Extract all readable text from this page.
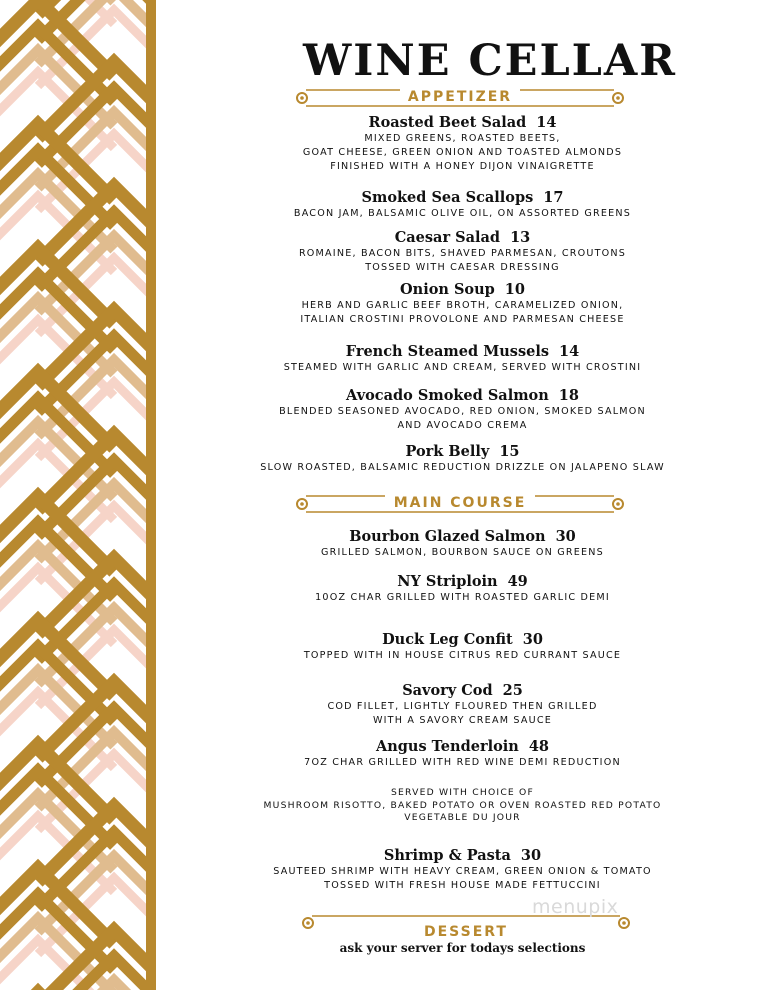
WINE CELLAR
APPETIZER
MAIN COURSE
DESSERT
Roasted Beet Salad 14
MIXED GREENS, ROASTED BEETS,
GOAT CHEESE, GREEN ONION AND TOASTED ALMONDS
FINISHED WITH A HONEY DIJON VINAIGRETTE
Smoked Sea Scallops 17
BACON JAM, BALSAMIC OLIVE OIL, ON ASSORTED GREENS
Caesar Salad 13
ROMAINE, BACON BITS, SHAVED PARMESAN, CROUTONS
TOSSED WITH CAESAR DRESSING
Onion Soup 10
HERB AND GARLIC BEEF BROTH, CARAMELIZED ONION,
ITALIAN CROSTINI PROVOLONE AND PARMESAN CHEESE
French Steamed Mussels 14
STEAMED WITH GARLIC AND CREAM, SERVED WITH CROSTINI
Avocado Smoked Salmon 18
BLENDED SEASONED AVOCADO, RED ONION, SMOKED SALMON
AND AVOCADO CREMA
Pork Belly 15
SLOW ROASTED, BALSAMIC REDUCTION DRIZZLE ON JALAPENO SLAW
Bourbon Glazed Salmon 30
GRILLED SALMON, BOURBON SAUCE ON GREENS
NY Striploin 49
10OZ CHAR GRILLED WITH ROASTED GARLIC DEMI
Duck Leg Confit 30
TOPPED WITH IN HOUSE CITRUS RED CURRANT SAUCE
Savory Cod 25
COD FILLET, LIGHTLY FLOURED THEN GRILLED
WITH A SAVORY CREAM SAUCE
Angus Tenderloin 48
7OZ CHAR GRILLED WITH RED WINE DEMI REDUCTION
Shrimp & Pasta 30
SAUTEED SHRIMP WITH HEAVY CREAM, GREEN ONION & TOMATO
TOSSED WITH FRESH HOUSE MADE FETTUCCINI
SERVED WITH CHOICE OF
MUSHROOM RISOTTO, BAKED POTATO OR OVEN ROASTED RED POTATO
VEGETABLE DU JOUR
ask your server for todays selections
menupix
